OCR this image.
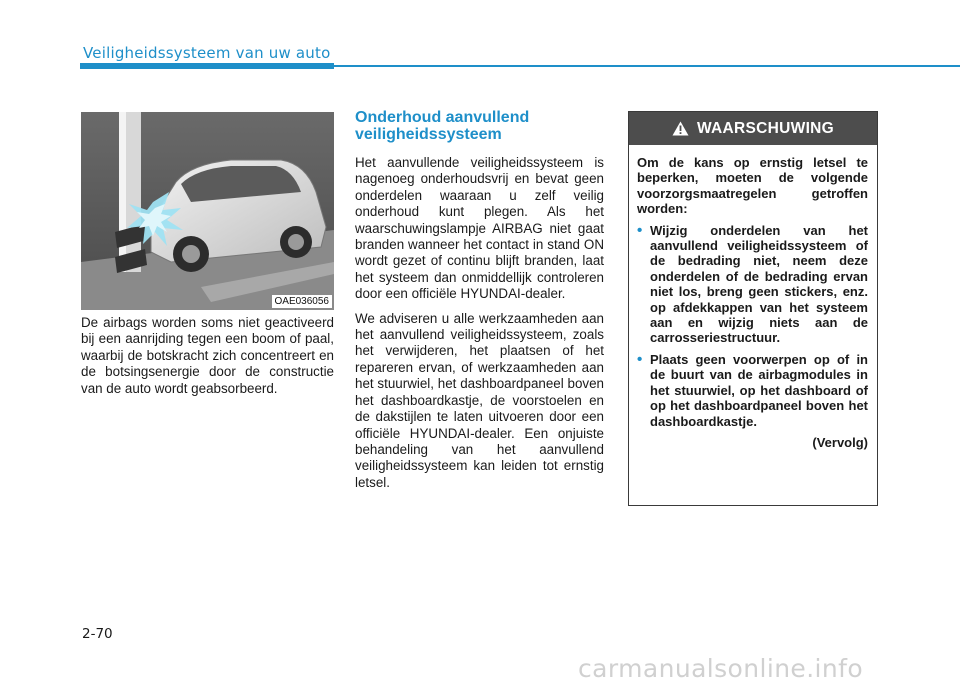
Veiligheidssysteem van uw auto
OAE036056
De airbags worden soms niet geactiveerd bij een aanrijding tegen een boom of paal, waarbij de botskracht zich concentreert en de botsingsenergie door de constructie van de auto wordt geabsorbeerd.
Onderhoud aanvullend veiligheidssysteem

Het aanvullende veiligheidssysteem is nagenoeg onderhoudsvrij en bevat geen onderdelen waaraan u zelf veilig onderhoud kunt plegen. Als het waarschuwingslampje AIRBAG niet gaat branden wanneer het contact in stand ON wordt gezet of continu blijft branden, laat het systeem dan onmiddellijk controleren door een officiële HYUNDAI-dealer.

We adviseren u alle werkzaamheden aan het aanvullend veiligheidssysteem, zoals het verwijderen, het plaatsen of het repareren ervan, of werkzaamheden aan het stuurwiel, het dashboardpaneel boven het dashboardkastje, de voorstoelen en de dakstijlen te laten uitvoeren door een officiële HYUNDAI-dealer. Een onjuiste behandeling van het aanvullend veiligheidssysteem kan leiden tot ernstig letsel.

WAARSCHUWING

Om de kans op ernstig letsel te beperken, moeten de volgende voorzorgsmaatregelen getroffen worden:

• Wijzig onderdelen van het aanvullend veiligheidssysteem of de bedrading niet, neem deze onderdelen of de bedrading ervan niet los, breng geen stickers, enz. op afdekkappen van het systeem aan en wijzig niets aan de carrosseriestructuur.
• Plaats geen voorwerpen op of in de buurt van de airbagmodules in het stuurwiel, op het dashboard of op het dashboardpaneel boven het dashboardkastje.
(Vervolg)
2-70
carmanualsonline.info
